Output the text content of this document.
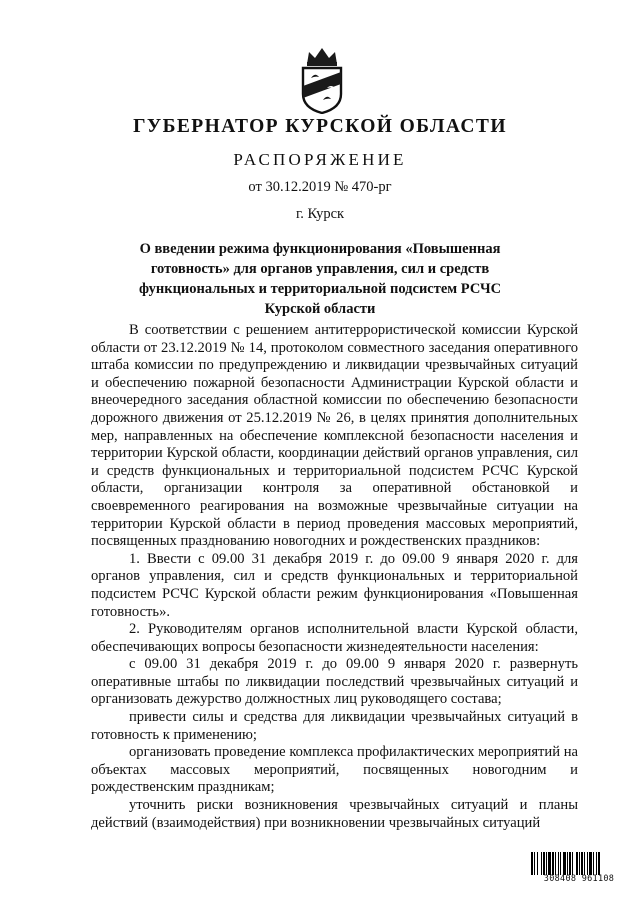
ГУБЕРНАТОР КУРСКОЙ ОБЛАСТИ
РАСПОРЯЖЕНИЕ
от 30.12.2019 № 470-рг
г. Курск
О введении режима функционирования «Повышенная готовность» для органов управления, сил и средств функциональных и территориальной подсистем РСЧС Курской области

В соответствии с решением антитеррористической комиссии Курской области от 23.12.2019 № 14, протоколом совместного заседания оперативного штаба комиссии по предупреждению и ликвидации чрезвычайных ситуаций и обеспечению пожарной безопасности Администрации Курской области и внеочередного заседания областной комиссии по обеспечению безопасности дорожного движения от 25.12.2019 № 26, в целях принятия дополнительных мер, направленных на обеспечение комплексной безопасности населения и территории Курской области, координации действий органов управления, сил и средств функциональных и территориальной подсистем РСЧС Курской области, организации контроля за оперативной обстановкой и своевременного реагирования на возможные чрезвычайные ситуации на территории Курской области в период проведения массовых мероприятий, посвященных празднованию новогодних и рождественских праздников:

1. Ввести с 09.00 31 декабря 2019 г. до 09.00 9 января 2020 г. для органов управления, сил и средств функциональных и территориальной подсистем РСЧС Курской области режим функционирования «Повышенная готовность».

2. Руководителям органов исполнительной власти Курской области, обеспечивающих вопросы безопасности жизнедеятельности населения:

с 09.00 31 декабря 2019 г. до 09.00 9 января 2020 г. развернуть оперативные штабы по ликвидации последствий чрезвычайных ситуаций и организовать дежурство должностных лиц руководящего состава;

привести силы и средства для ликвидации чрезвычайных ситуаций в готовность к применению;

организовать проведение комплекса профилактических мероприятий на объектах массовых мероприятий, посвященных новогодним и рождественским праздникам;

уточнить риски возникновения чрезвычайных ситуаций и планы действий (взаимодействия) при возникновении чрезвычайных ситуаций

308408 961108
